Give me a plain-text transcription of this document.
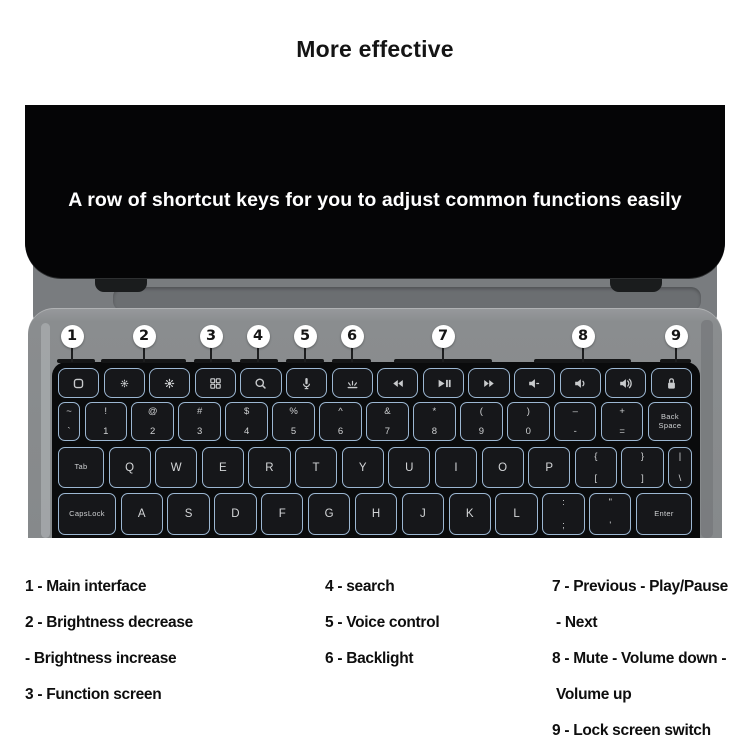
More effective
A row of shortcut keys for you to adjust common functions easily
~
`
!
1
@
2
#
3
$
4
%
5
^
6
&
7
*
8
(
9
)
0
–
-
+
=
Back Space
Tab	Q	W	E	R	T	Y	U	I	O	P
{
[
}
]
|
\
CapsLock	A	S	D	F	G	H	J	K	L
:
;
"
'
Enter
1	2	3	4	5	6	7	8	9
1 - Main interface
2 - Brightness decrease
- Brightness increase
3 - Function screen
4 - search
5 - Voice control
6 - Backlight
7 - Previous - Play/Pause
- Next
8 - Mute - Volume down -
Volume up
9 - Lock screen switch
